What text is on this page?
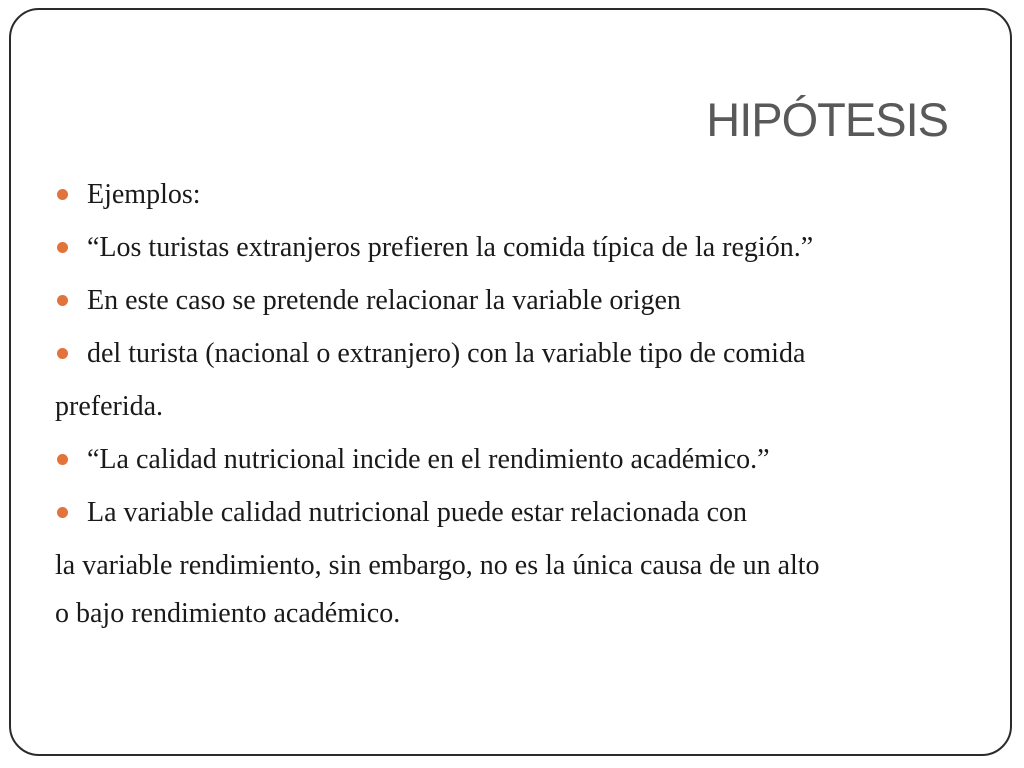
HIPÓTESIS

Ejemplos:

“Los turistas extranjeros prefieren la comida típica de la región.”

En este caso se pretende relacionar la variable origen

del turista (nacional o extranjero) con la variable tipo de comida

preferida.

“La calidad nutricional incide en el rendimiento académico.”

La variable calidad nutricional puede estar relacionada con

la variable rendimiento, sin embargo, no es la única causa de un alto

o bajo rendimiento académico.
